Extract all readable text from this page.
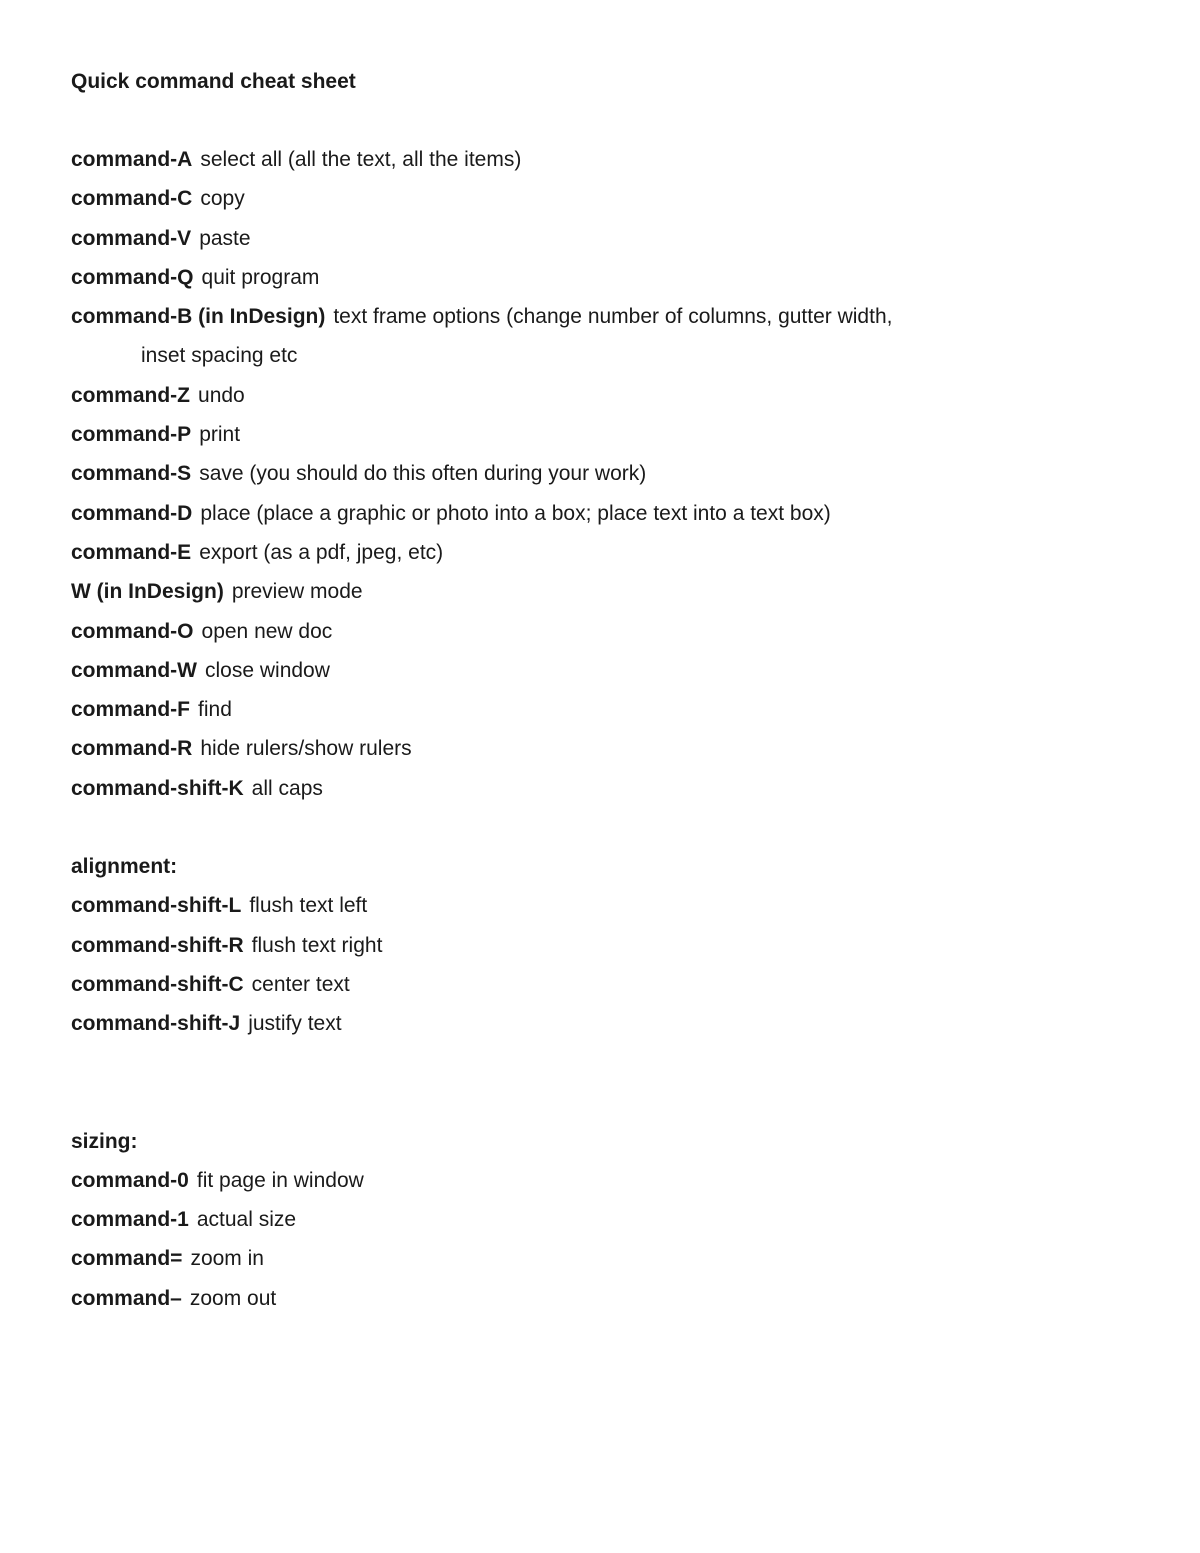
Quick command cheat sheet
command-A select all (all the text, all the items)
command-C copy
command-V paste
command-Q quit program
command-B (in InDesign) text frame options (change number of columns, gutter width,
inset spacing etc
command-Z undo
command-P print
command-S save (you should do this often during your work)
command-D place (place a graphic or photo into a box; place text into a text box)
command-E export (as a pdf, jpeg, etc)
W (in InDesign) preview mode
command-O open new doc
command-W close window
command-F find
command-R hide rulers/show rulers
command-shift-K all caps
alignment:
command-shift-L flush text left
command-shift-R flush text right
command-shift-C center text
command-shift-J justify text
sizing:
command-0 fit page in window
command-1 actual size
command= zoom in
command– zoom out
